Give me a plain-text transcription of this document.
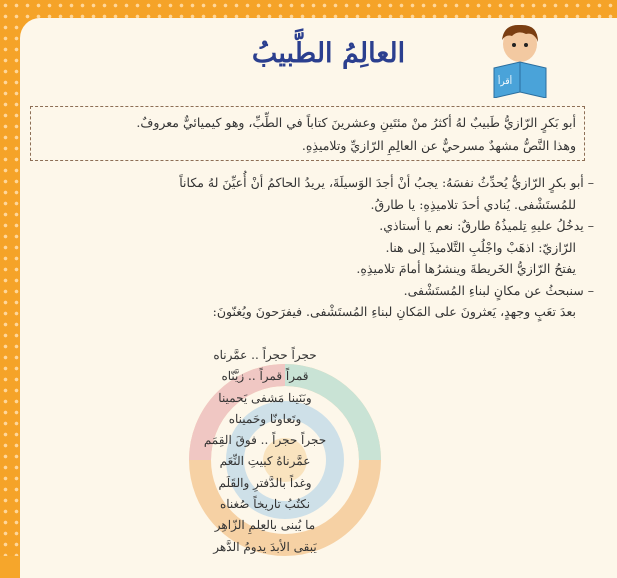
أقرأ
العالِمُ الطَّبيبُ
أبو بَكرٍ الرّازيُّ طَبيبٌ لهُ أكثرُ منْ مئتَينِ وعشرينَ كتاباً في الطِّبِّ، وهو كيميائيٌّ معروفٌ.
وهذا النَّصُّ مشهدٌ مسرحيٌّ عن العالِمِ الرّازيِّ وتلاميذِهِ.
– أبو بكرٍ الرّازيُّ يُحدِّثُ نفسَهُ: يجبُ أنْ أجدَ الوَسيلَةَ، يريدُ الحاكمُ أنْ أُعيِّنَ لهُ مكاناً
للمُستَشْفى. يُنادي أحدَ تلاميذِهِ: يا طارقُ.
– يدخُلُ عليهِ تِلميذُهُ طارقٌ: نعم يا أستاذي.
الرّازيّ: اذهَبْ واجْلُبِ التَّلاميذَ إلى هنا.
يفتحُ الرّازيُّ الخَريطةَ وينشرُها أمامَ تلاميذِهِ.
– سنبحثُ عن مكانٍ لبناءِ المُستَشْفى.
بعدَ تعَبٍ وجهدٍ، يَعثرونَ على المَكانِ لبناءِ المُستَشْفى. فيفرَحونَ ويُغنّونَ:
حجراً حجراً .. عمَّرناه
قمراً قمراً .. زيَّنّاه
وبَنَينا مَشفى يَحمينا
وتَعاونّا وحَميناه
حجراً حجراً .. فوقَ القِمَم
عمَّرناهُ كبيتِ النِّعَم
وغداً بالدَّفترِ والقَلَم
نكتُبُ تاريخاً صُغناه
ما يُبنى بالعِلمِ الزّاهِر
يَبقى الأبدَ يدومُ الدَّهر
